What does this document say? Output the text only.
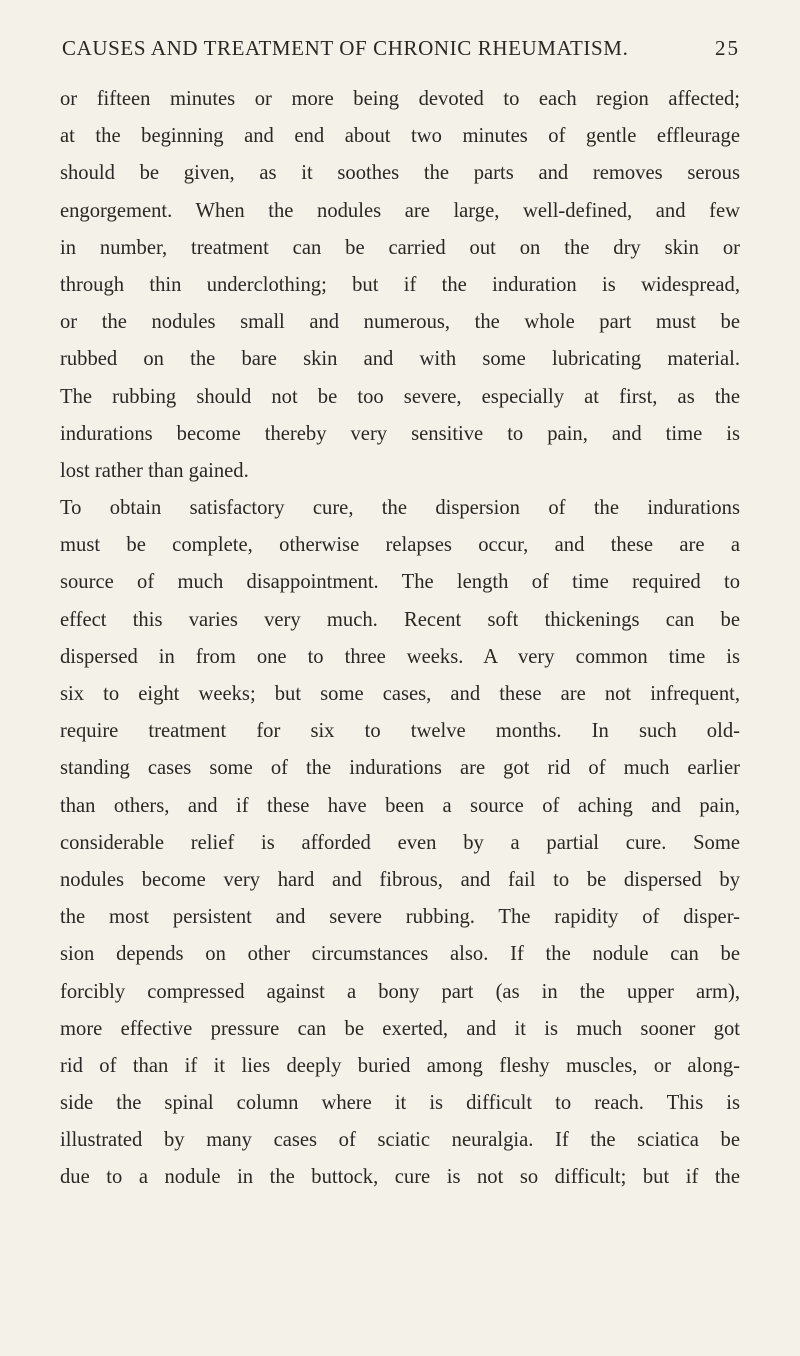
CAUSES AND TREATMENT OF CHRONIC RHEUMATISM.	25
or fifteen minutes or more being devoted to each region affected;
at the beginning and end about two minutes of gentle effleurage
should be given, as it soothes the parts and removes serous
engorgement. When the nodules are large, well-defined, and few
in number, treatment can be carried out on the dry skin or
through thin underclothing; but if the induration is widespread,
or the nodules small and numerous, the whole part must be
rubbed on the bare skin and with some lubricating material.
The rubbing should not be too severe, especially at first, as the
indurations become thereby very sensitive to pain, and time is
lost rather than gained.
To obtain satisfactory cure, the dispersion of the indurations
must be complete, otherwise relapses occur, and these are a
source of much disappointment. The length of time required to
effect this varies very much. Recent soft thickenings can be
dispersed in from one to three weeks. A very common time is
six to eight weeks; but some cases, and these are not infrequent,
require treatment for six to twelve months. In such old-
standing cases some of the indurations are got rid of much earlier
than others, and if these have been a source of aching and pain,
considerable relief is afforded even by a partial cure. Some
nodules become very hard and fibrous, and fail to be dispersed by
the most persistent and severe rubbing. The rapidity of disper-
sion depends on other circumstances also. If the nodule can be
forcibly compressed against a bony part (as in the upper arm),
more effective pressure can be exerted, and it is much sooner got
rid of than if it lies deeply buried among fleshy muscles, or along-
side the spinal column where it is difficult to reach. This is
illustrated by many cases of sciatic neuralgia. If the sciatica be
due to a nodule in the buttock, cure is not so difficult; but if the
